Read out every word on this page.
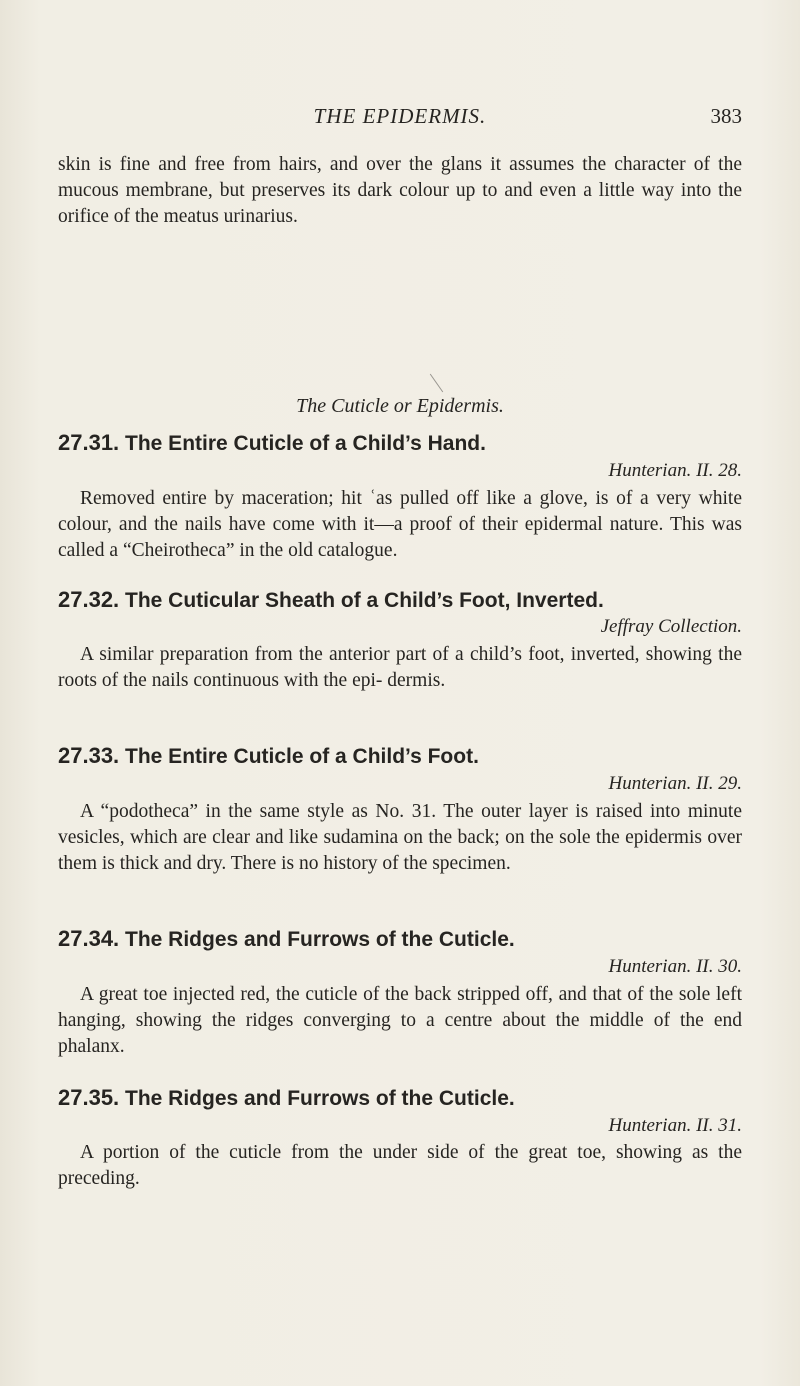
THE EPIDERMIS.	383

skin is fine and free from hairs, and over the glans it assumes the character of the mucous membrane, but preserves its dark colour up to and even a little way into the orifice of the meatus urinarius.

The Cuticle or Epidermis.
27.31. The Entire Cuticle of a Child’s Hand.
Hunterian. II. 28.

Removed entire by maceration; hit ʿas pulled off like a glove, is of a very white colour, and the nails have come with it—a proof of their epidermal nature. This was called a “Cheirotheca” in the old catalogue.

27.32. The Cuticular Sheath of a Child’s Foot, Inverted.
Jeffray Collection.

A similar preparation from the anterior part of a child’s foot, inverted, showing the roots of the nails continuous with the epi- dermis.

27.33. The Entire Cuticle of a Child’s Foot.
Hunterian. II. 29.

A “podotheca” in the same style as No. 31. The outer layer is raised into minute vesicles, which are clear and like sudamina on the back; on the sole the epidermis over them is thick and dry. There is no history of the specimen.

27.34. The Ridges and Furrows of the Cuticle.
Hunterian. II. 30.

A great toe injected red, the cuticle of the back stripped off, and that of the sole left hanging, showing the ridges converging to a centre about the middle of the end phalanx.

27.35. The Ridges and Furrows of the Cuticle.
Hunterian. II. 31.

A portion of the cuticle from the under side of the great toe, showing as the preceding.
